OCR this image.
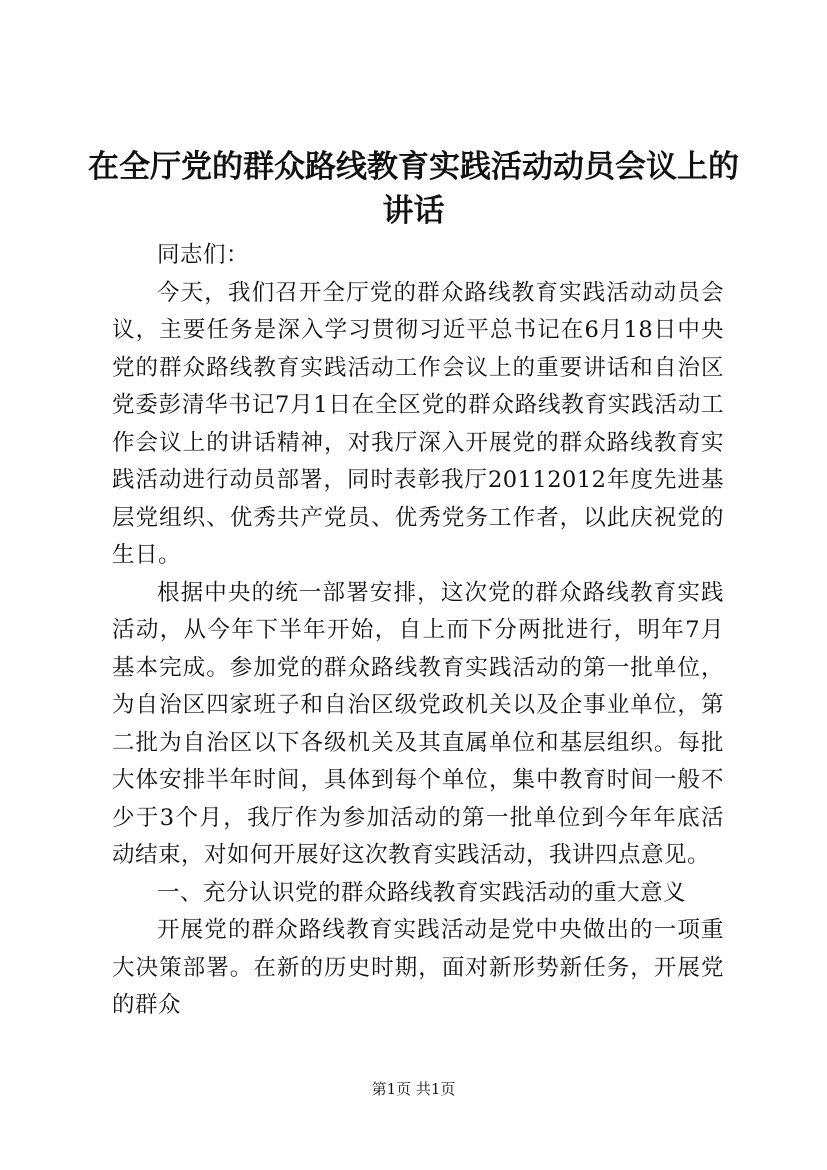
在全厅党的群众路线教育实践活动动员会议上的讲话

同志们：

今天，我们召开全厅党的群众路线教育实践活动动员会议，主要任务是深入学习贯彻习近平总书记在6月18日中央党的群众路线教育实践活动工作会议上的重要讲话和自治区党委彭清华书记7月1日在全区党的群众路线教育实践活动工作会议上的讲话精神，对我厅深入开展党的群众路线教育实践活动进行动员部署，同时表彰我厅20112012年度先进基层党组织、优秀共产党员、优秀党务工作者，以此庆祝党的生日。

根据中央的统一部署安排，这次党的群众路线教育实践活动，从今年下半年开始，自上而下分两批进行，明年7月基本完成。参加党的群众路线教育实践活动的第一批单位，为自治区四家班子和自治区级党政机关以及企事业单位，第二批为自治区以下各级机关及其直属单位和基层组织。每批大体安排半年时间，具体到每个单位，集中教育时间一般不少于3个月，我厅作为参加活动的第一批单位到今年年底活动结束，对如何开展好这次教育实践活动，我讲四点意见。

一、充分认识党的群众路线教育实践活动的重大意义

开展党的群众路线教育实践活动是党中央做出的一项重大决策部署。在新的历史时期，面对新形势新任务，开展党的群众

第1页 共1页
